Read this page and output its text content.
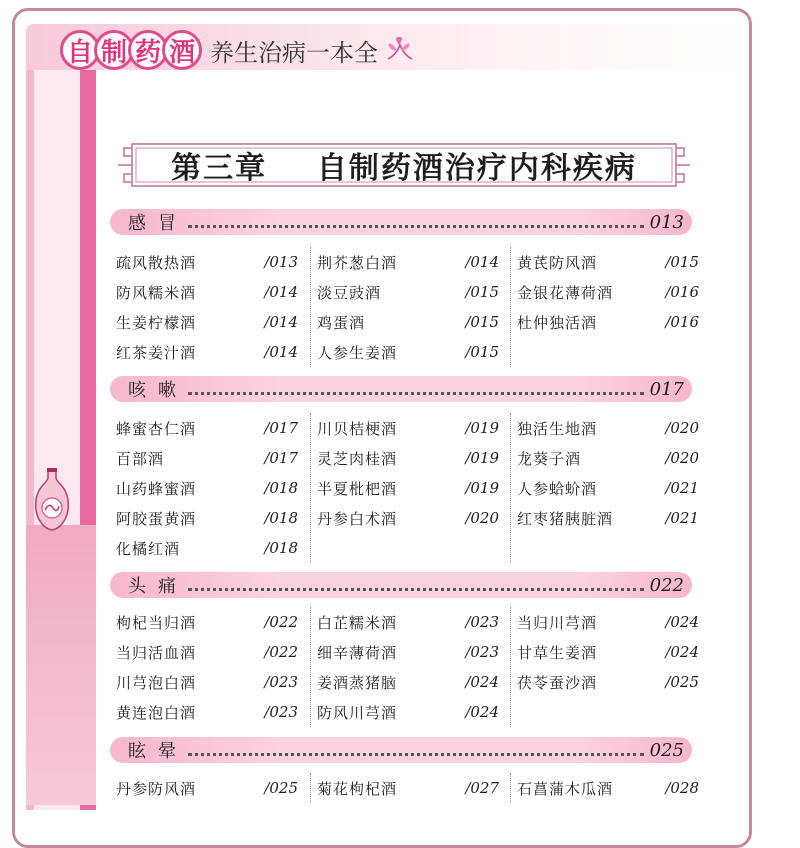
自 制 药 酒 养生治病一本全
第三章
自制药酒治疗内科疾病
感冒	013
疏风散热酒	/013
防风糯米酒	/014
生姜柠檬酒	/014
红茶姜汁酒	/014
荆芥葱白酒	/014
淡豆豉酒	/015
鸡蛋酒	/015
人参生姜酒	/015
黄芪防风酒	/015
金银花薄荷酒	/016
杜仲独活酒	/016
咳嗽	017
蜂蜜杏仁酒	/017
百部酒	/017
山药蜂蜜酒	/018
阿胶蛋黄酒	/018
化橘红酒	/018
川贝桔梗酒	/019
灵芝肉桂酒	/019
半夏枇杷酒	/019
丹参白术酒	/020
独活生地酒	/020
龙葵子酒	/020
人参蛤蚧酒	/021
红枣猪胰脏酒	/021
头痛	022
枸杞当归酒	/022
当归活血酒	/022
川芎泡白酒	/023
黄连泡白酒	/023
白芷糯米酒	/023
细辛薄荷酒	/023
姜酒蒸猪脑	/024
防风川芎酒	/024
当归川芎酒	/024
甘草生姜酒	/024
茯苓蚕沙酒	/025
眩晕	025
丹参防风酒	/025 菊花枸杞酒	/027 石菖蒲木瓜酒	/028
